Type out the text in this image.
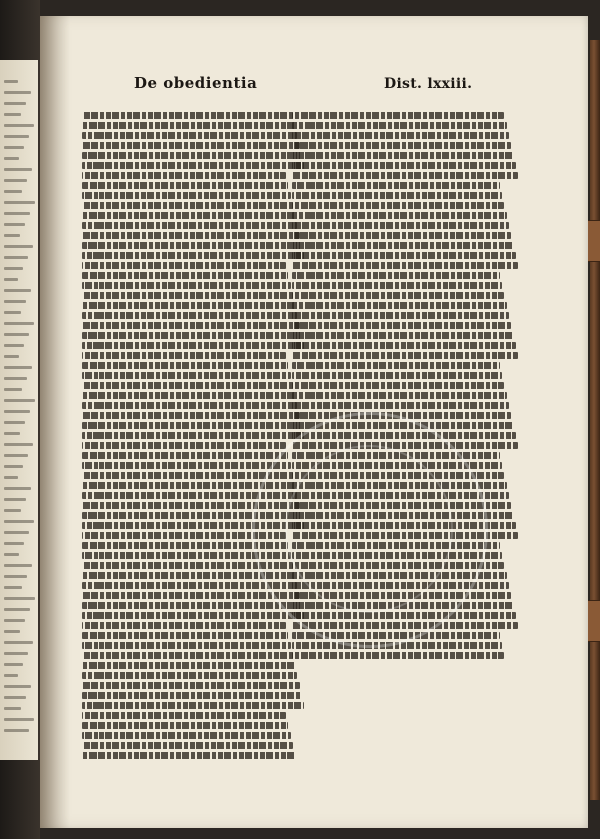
De obedientia	Dist. lxxiii.
